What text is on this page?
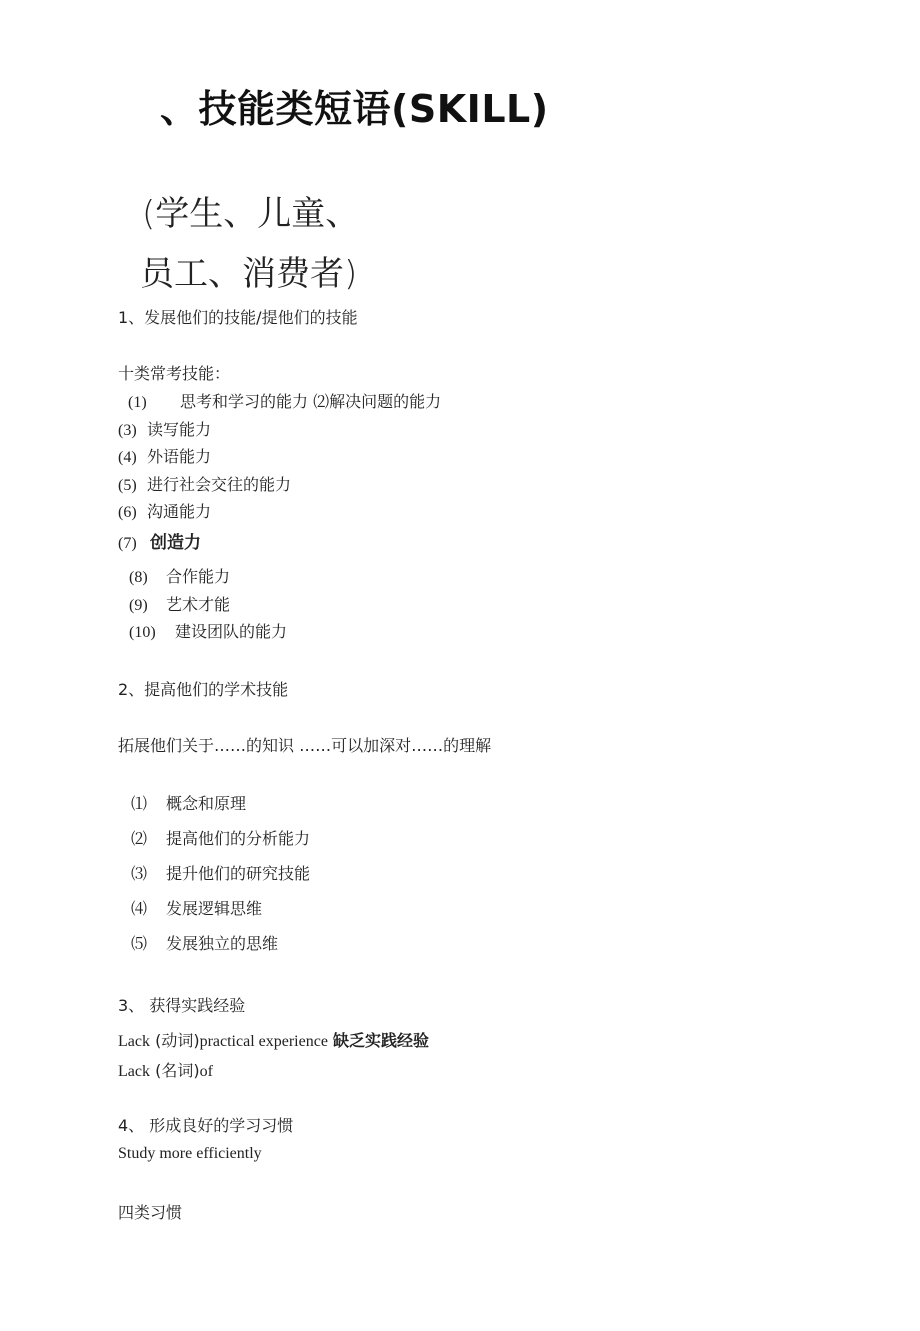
、技能类短语(SKILL)
(学生、儿童、
员工、消费者)
1、发展他们的技能/提他们的技能
十类常考技能：
(1) 思考和学习的能力 ⑵解决问题的能力
(3) 读写能力
(4) 外语能力
(5) 进行社会交往的能力
(6) 沟通能力
(7) 创造力
(8) 合作能力
(9) 艺术才能
(10) 建设团队的能力
2、提高他们的学术技能
拓展他们关于……的知识 ……可以加深对……的理解
⑴ 概念和原理
⑵ 提高他们的分析能力
⑶ 提升他们的研究技能
⑷ 发展逻辑思维
⑸ 发展独立的思维
3、 获得实践经验
Lack (动词)practical experience 缺乏实践经验
Lack (名词)of
4、 形成良好的学习习惯
Study more efficiently
四类习惯
